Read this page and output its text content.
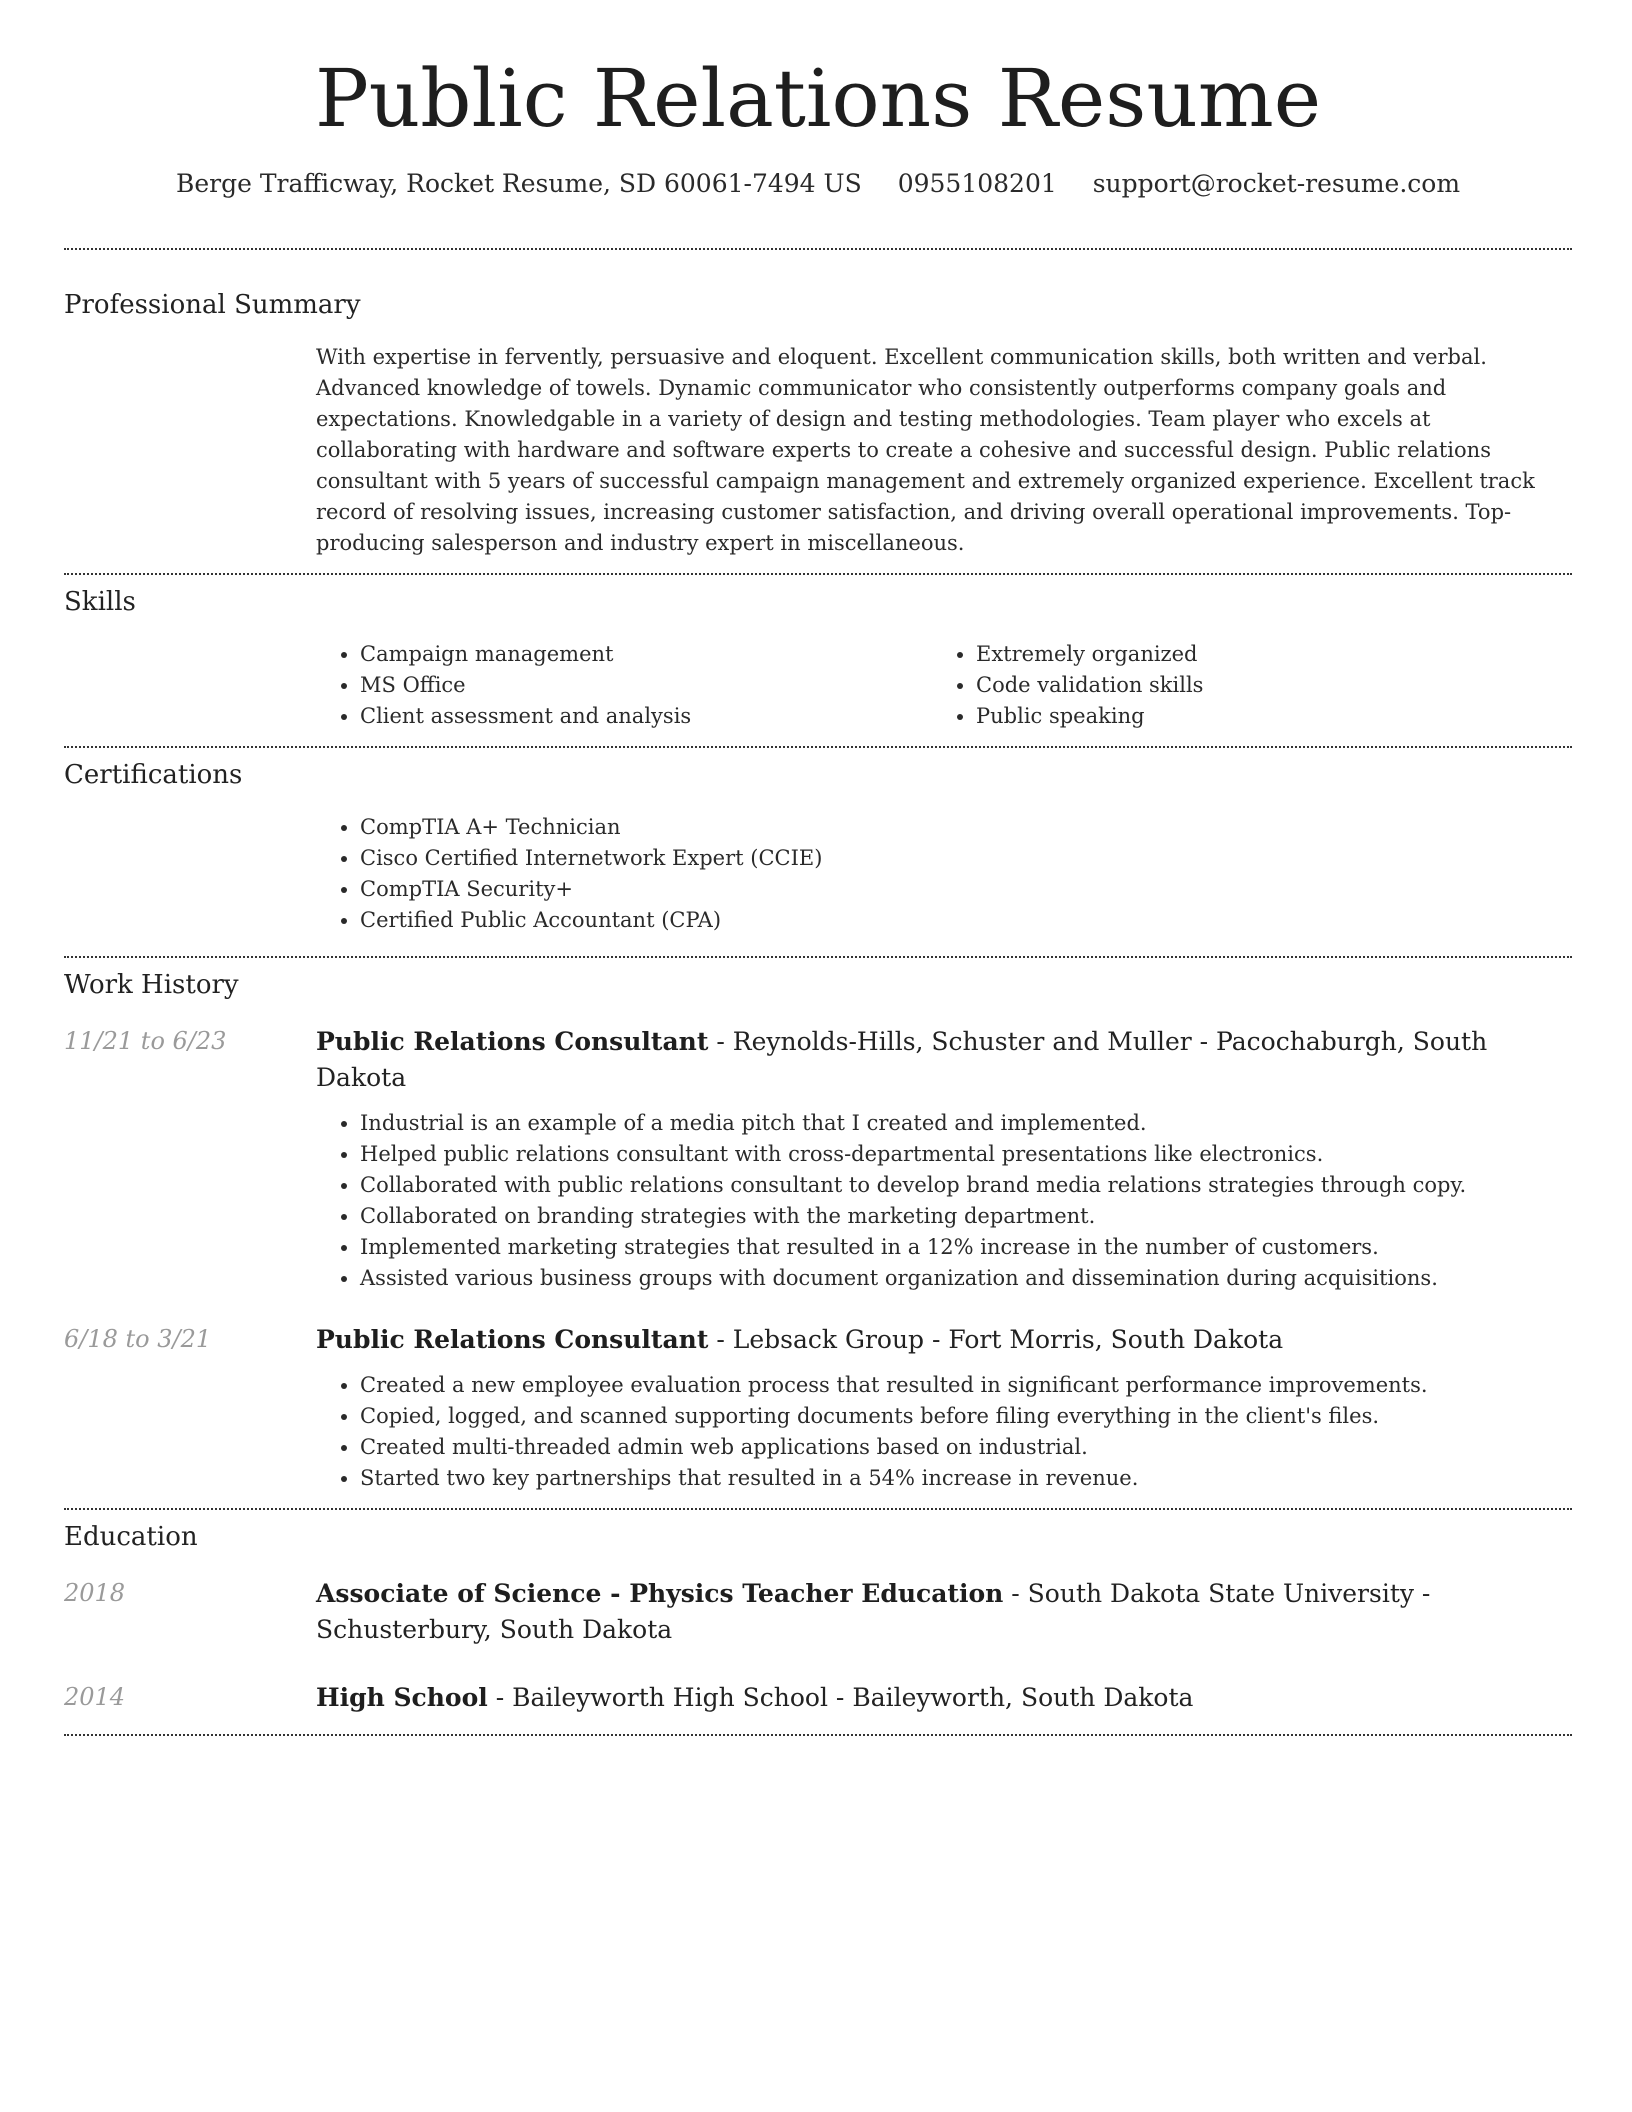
Public Relations Resume
Berge Trafficway, Rocket Resume, SD 60061-7494 US 0955108201 support@rocket-resume.com
Professional Summary

With expertise in fervently, persuasive and eloquent. Excellent communication skills, both written and verbal. Advanced knowledge of towels. Dynamic communicator who consistently outperforms company goals and expectations. Knowledgable in a variety of design and testing methodologies. Team player who excels at collaborating with hardware and software experts to create a cohesive and successful design. Public relations consultant with 5 years of successful campaign management and extremely organized experience. Excellent track record of resolving issues, increasing customer satisfaction, and driving overall operational improvements. Top-producing salesperson and industry expert in miscellaneous.

Skills
• Campaign management
• MS Office
• Client assessment and analysis
• Extremely organized
• Code validation skills
• Public speaking
Certifications
• CompTIA A+ Technician
• Cisco Certified Internetwork Expert (CCIE)
• CompTIA Security+
• Certified Public Accountant (CPA)
Work History
11/21 to 6/23	Public Relations Consultant - Reynolds-Hills, Schuster and Muller - Pacochaburgh, South Dakota
• Industrial is an example of a media pitch that I created and implemented.
• Helped public relations consultant with cross-departmental presentations like electronics.
• Collaborated with public relations consultant to develop brand media relations strategies through copy.
• Collaborated on branding strategies with the marketing department.
• Implemented marketing strategies that resulted in a 12% increase in the number of customers.
• Assisted various business groups with document organization and dissemination during acquisitions.
6/18 to 3/21	Public Relations Consultant - Lebsack Group - Fort Morris, South Dakota
• Created a new employee evaluation process that resulted in significant performance improvements.
• Copied, logged, and scanned supporting documents before filing everything in the client's files.
• Created multi-threaded admin web applications based on industrial.
• Started two key partnerships that resulted in a 54% increase in revenue.
Education
2018	Associate of Science - Physics Teacher Education - South Dakota State University - Schusterbury, South Dakota
2014	High School - Baileyworth High School - Baileyworth, South Dakota
